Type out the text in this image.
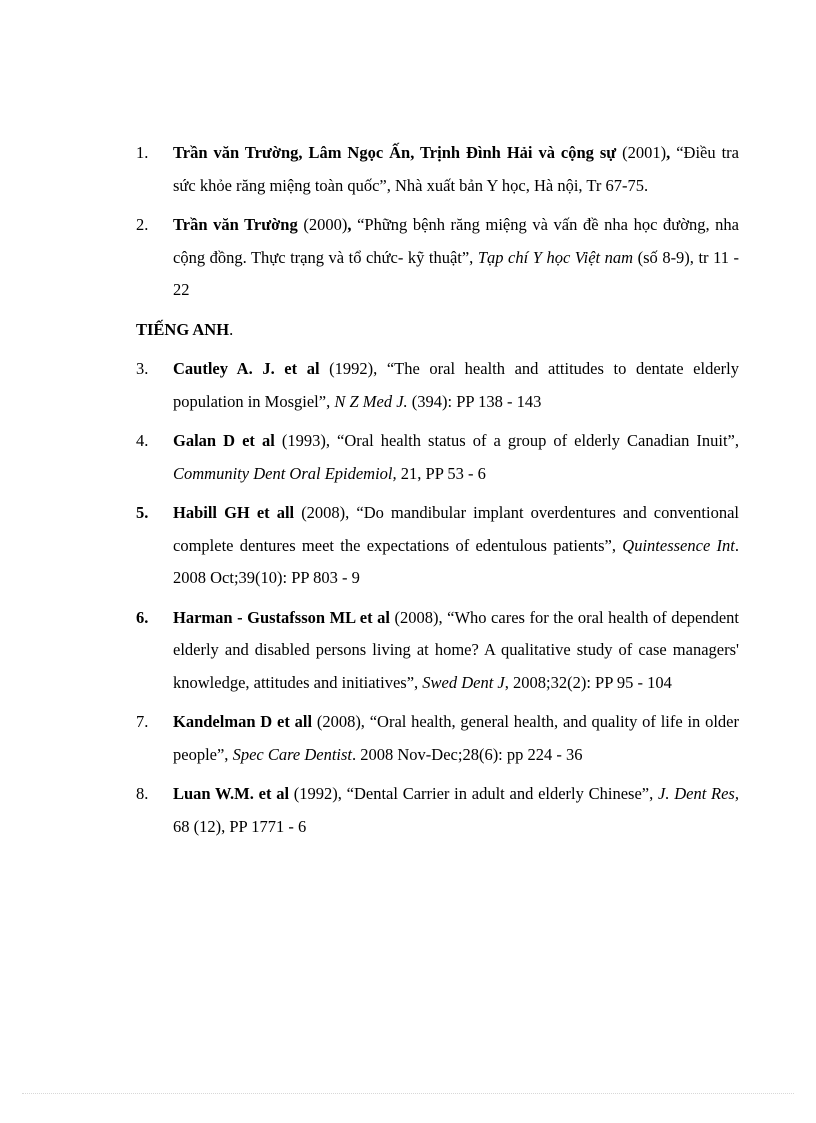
1. Trần văn Trường, Lâm Ngọc Ấn, Trịnh Đình Hải và cộng sự (2001), “Điều tra sức khỏe răng miệng toàn quốc”, Nhà xuất bản Y học, Hà nội, Tr 67-75.
2. Trần văn Trường (2000), “Phững bệnh răng miệng và vấn đề nha học đường, nha cộng đồng. Thực trạng và tổ chức- kỹ thuật”, Tạp chí Y học Việt nam (số 8-9), tr 11 - 22
TIẾNG ANH.
3. Cautley A. J. et al (1992), “The oral health and attitudes to dentate elderly population in Mosgiel”, N Z Med J. (394): PP 138 - 143
4. Galan D et al (1993), “Oral health status of a group of elderly Canadian Inuit”, Community Dent Oral Epidemiol, 21, PP 53 - 6
5. Habill GH et all (2008), “Do mandibular implant overdentures and conventional complete dentures meet the expectations of edentulous patients”, Quintessence Int. 2008 Oct;39(10): PP 803 - 9
6. Harman - Gustafsson ML et al (2008), “Who cares for the oral health of dependent elderly and disabled persons living at home? A qualitative study of case managers' knowledge, attitudes and initiatives”, Swed Dent J, 2008;32(2): PP 95 - 104
7. Kandelman D et all (2008), “Oral health, general health, and quality of life in older people”, Spec Care Dentist. 2008 Nov-Dec;28(6): pp 224 - 36
8. Luan W.M. et al (1992), “Dental Carrier in adult and elderly Chinese”, J. Dent Res, 68 (12), PP 1771 - 6
